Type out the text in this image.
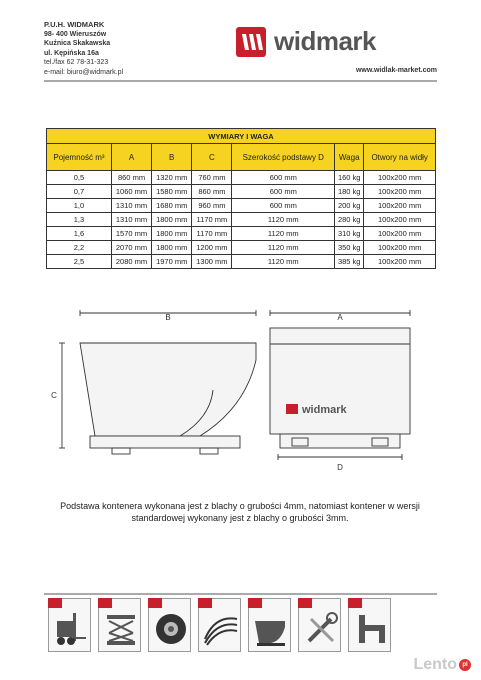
P.U.H. WIDMARK
98- 400 Wieruszów
Kuźnica Skakawska
ul. Kępińska 16a
tel./fax 62 78-31-323
e-mail: biuro@widmark.pl
widmark
www.widlak-market.com
WYMIARY I WAGA						
Pojemność m³	A	B	C	Szerokość podstawy D	Waga	Otwory na widły
0,5	860 mm	1320 mm	760 mm	600 mm	160 kg	100x200 mm
0,7	1060 mm	1580 mm	860 mm	600 mm	180 kg	100x200 mm
1,0	1310 mm	1680 mm	960 mm	600 mm	200 kg	100x200 mm
1,3	1310 mm	1800 mm	1170 mm	1120 mm	280 kg	100x200 mm
1,6	1570 mm	1800 mm	1170 mm	1120 mm	310 kg	100x200 mm
2,2	2070 mm	1800 mm	1200 mm	1120 mm	350 kg	100x200 mm
2,5	2080 mm	1970 mm	1300 mm	1120 mm	385 kg	100x200 mm
B	A
C
D
widmark

Podstawa kontenera wykonana jest z blachy o grubości 4mm, natomiast kontener w wersji standardowej wykonany jest z blachy o grubości 3mm.

Lento pl
